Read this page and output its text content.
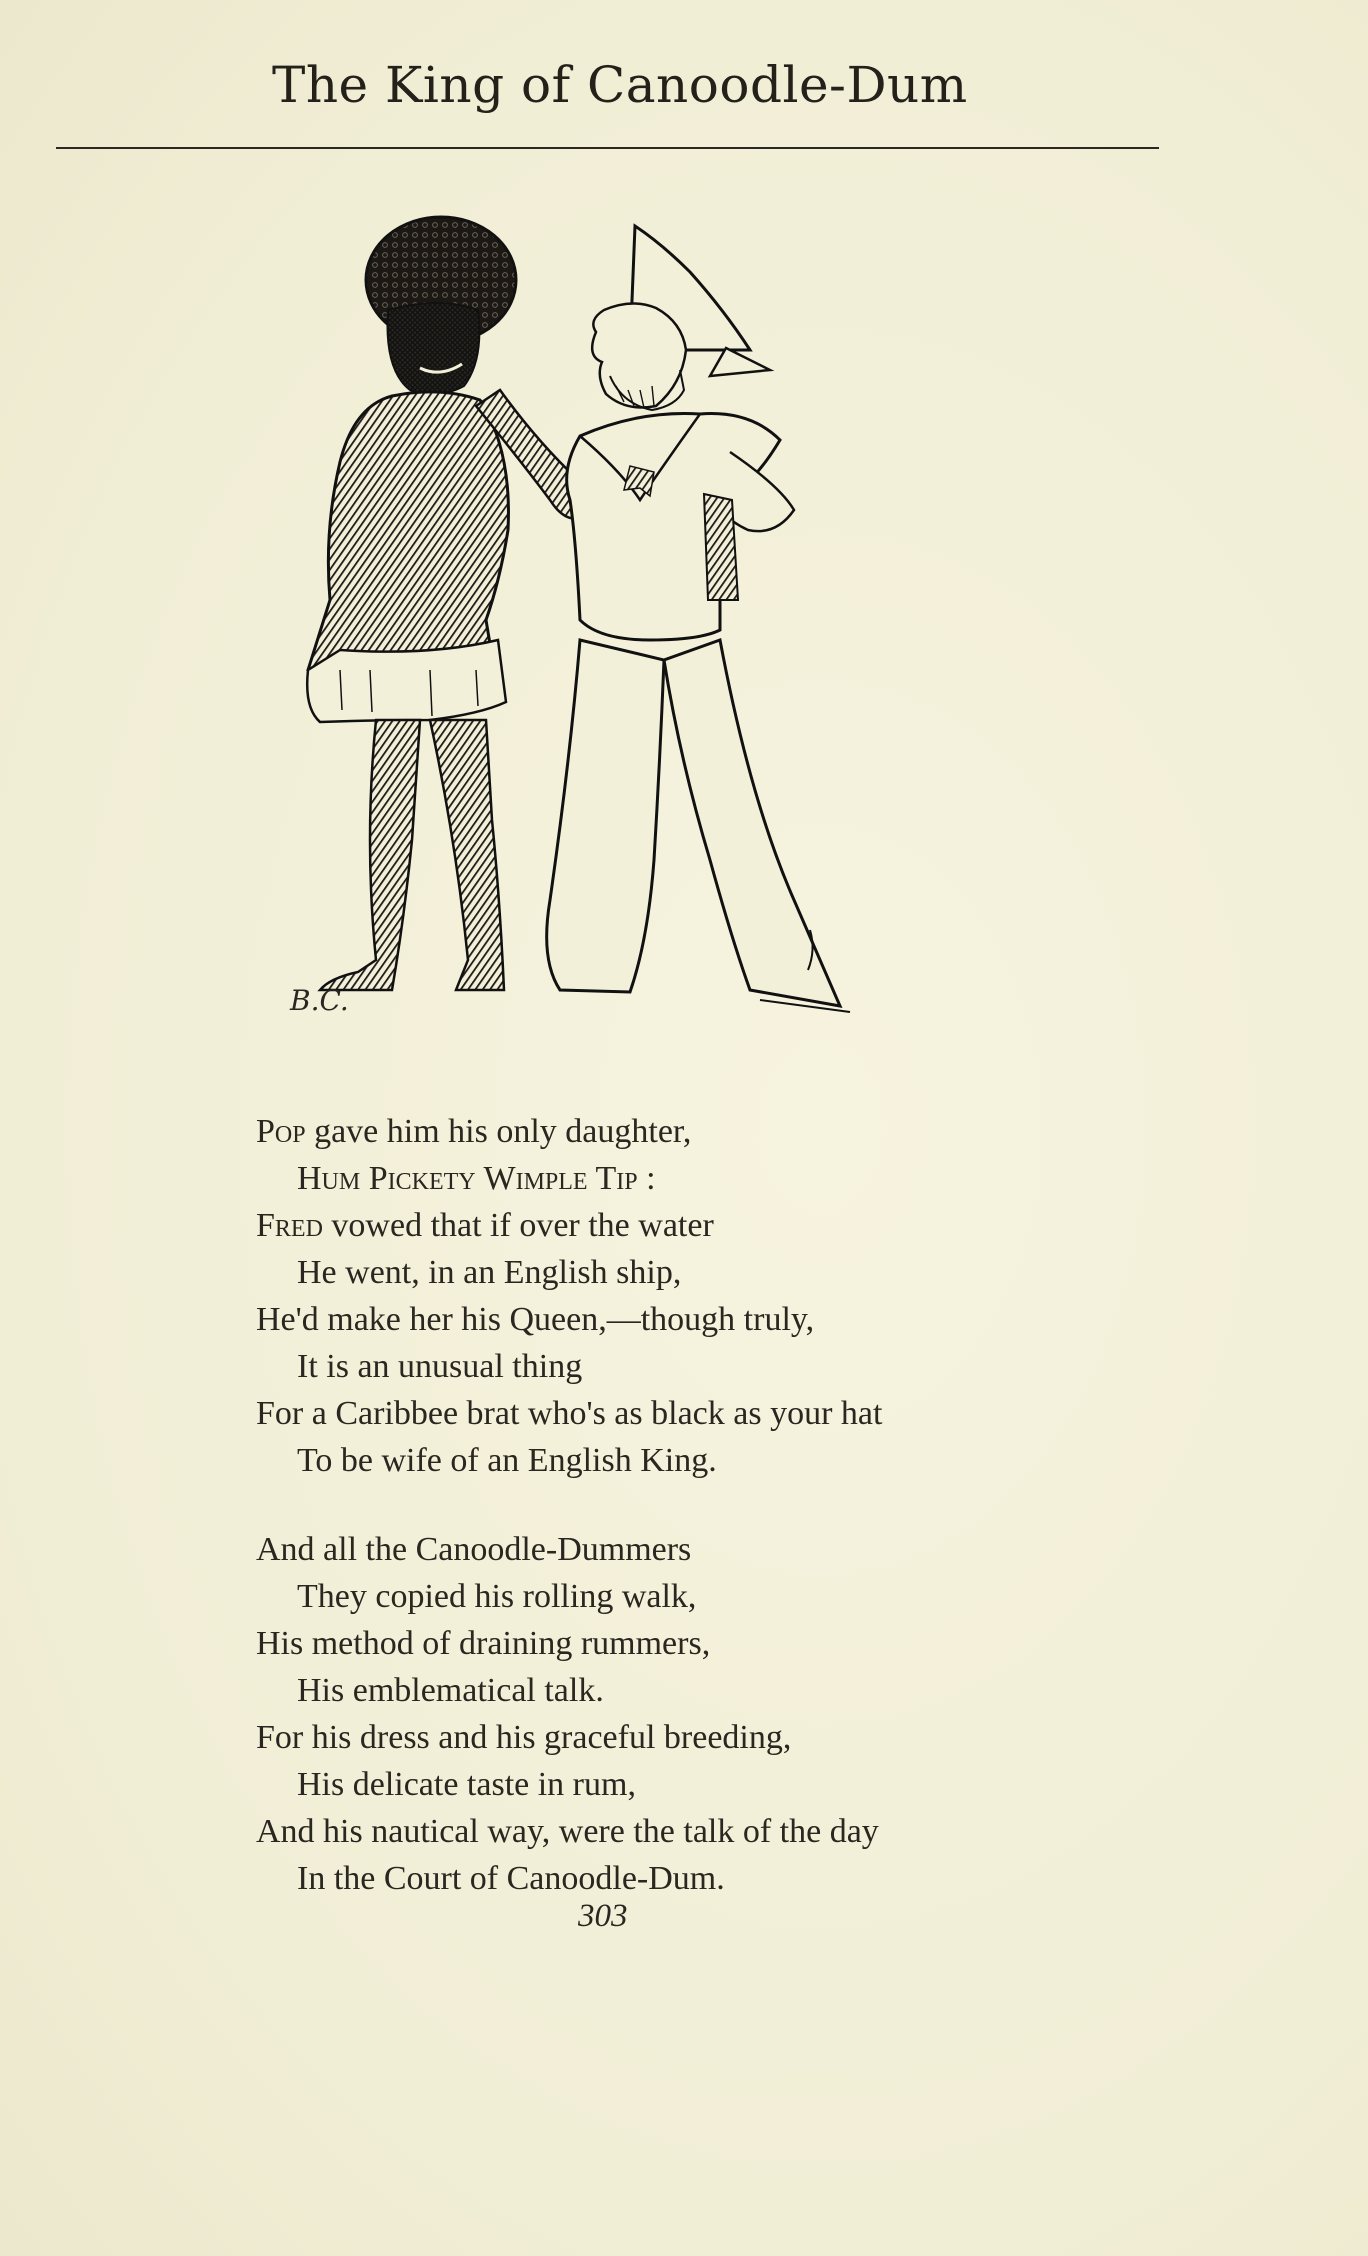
The King of Canoodle-Dum
B.C.
Pop gave him his only daughter,
Hum Pickety Wimple Tip :
Fred vowed that if over the water
He went, in an English ship,
He'd make her his Queen,—though truly,
It is an unusual thing
For a Caribbee brat who's as black as your hat
To be wife of an English King.
And all the Canoodle-Dummers
They copied his rolling walk,
His method of draining rummers,
His emblematical talk.
For his dress and his graceful breeding,
His delicate taste in rum,
And his nautical way, were the talk of the day
In the Court of Canoodle-Dum.
303
